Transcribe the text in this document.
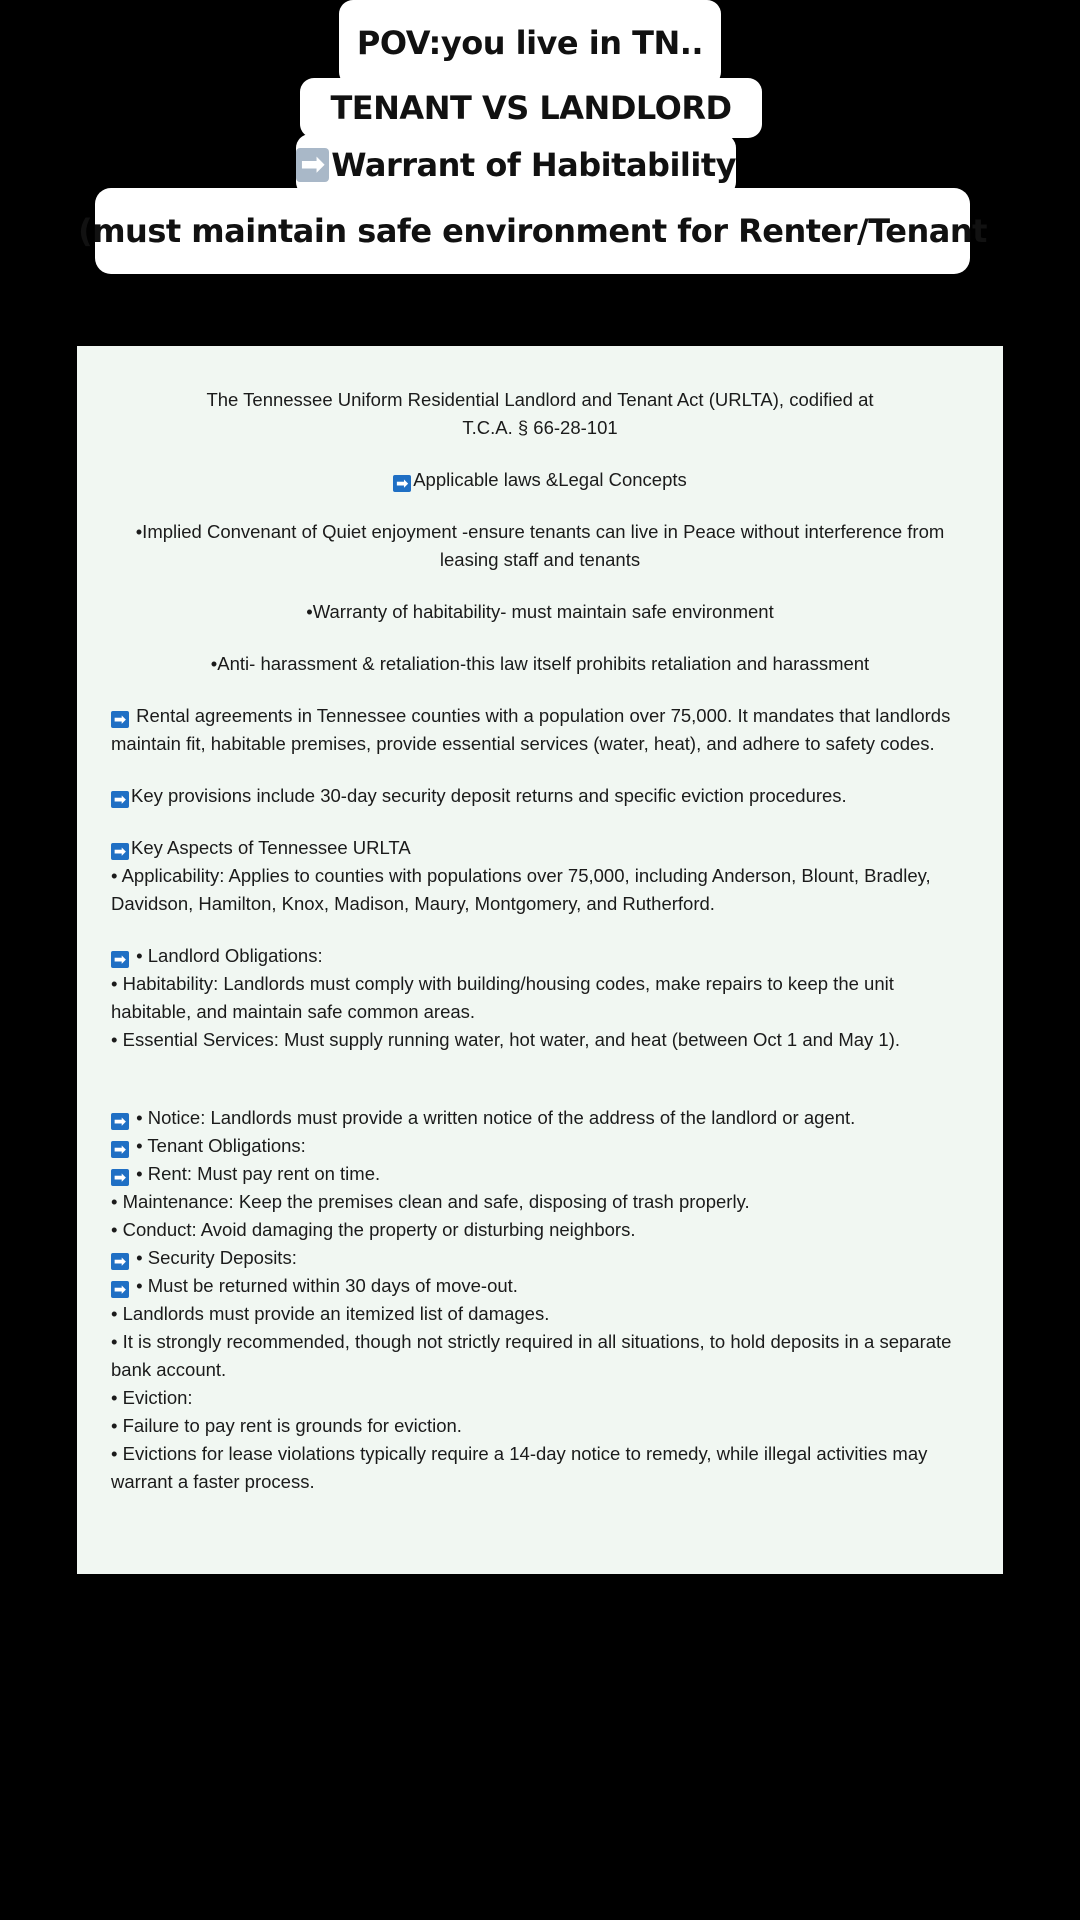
POV:you live in TN..
TENANT VS LANDLORD
➡ Warrant of Habitability
(must maintain safe environment for Renter/Tenant
The Tennessee Uniform Residential Landlord and Tenant Act (URLTA), codified at
T.C.A. § 66-28-101
➡ Applicable laws &Legal Concepts
•Implied Convenant of Quiet enjoyment -ensure tenants can live in Peace without interference from leasing staff and tenants
•Warranty of habitability- must maintain safe environment
•Anti- harassment & retaliation-this law itself prohibits retaliation and harassment
➡ Rental agreements in Tennessee counties with a population over 75,000. It mandates that landlords maintain fit, habitable premises, provide essential services (water, heat), and adhere to safety codes.
➡ Key provisions include 30-day security deposit returns and specific eviction procedures.
➡ Key Aspects of Tennessee URLTA
• Applicability: Applies to counties with populations over 75,000, including Anderson, Blount, Bradley, Davidson, Hamilton, Knox, Madison, Maury, Montgomery, and Rutherford.
➡ • Landlord Obligations:
• Habitability: Landlords must comply with building/housing codes, make repairs to keep the unit habitable, and maintain safe common areas.
• Essential Services: Must supply running water, hot water, and heat (between Oct 1 and May 1).
➡ • Notice: Landlords must provide a written notice of the address of the landlord or agent.
➡ • Tenant Obligations:
➡ • Rent: Must pay rent on time.
• Maintenance: Keep the premises clean and safe, disposing of trash properly.
• Conduct: Avoid damaging the property or disturbing neighbors.
➡ • Security Deposits:
➡ • Must be returned within 30 days of move-out.
• Landlords must provide an itemized list of damages.
• It is strongly recommended, though not strictly required in all situations, to hold deposits in a separate bank account.
• Eviction:
• Failure to pay rent is grounds for eviction.
• Evictions for lease violations typically require a 14-day notice to remedy, while illegal activities may warrant a faster process.
